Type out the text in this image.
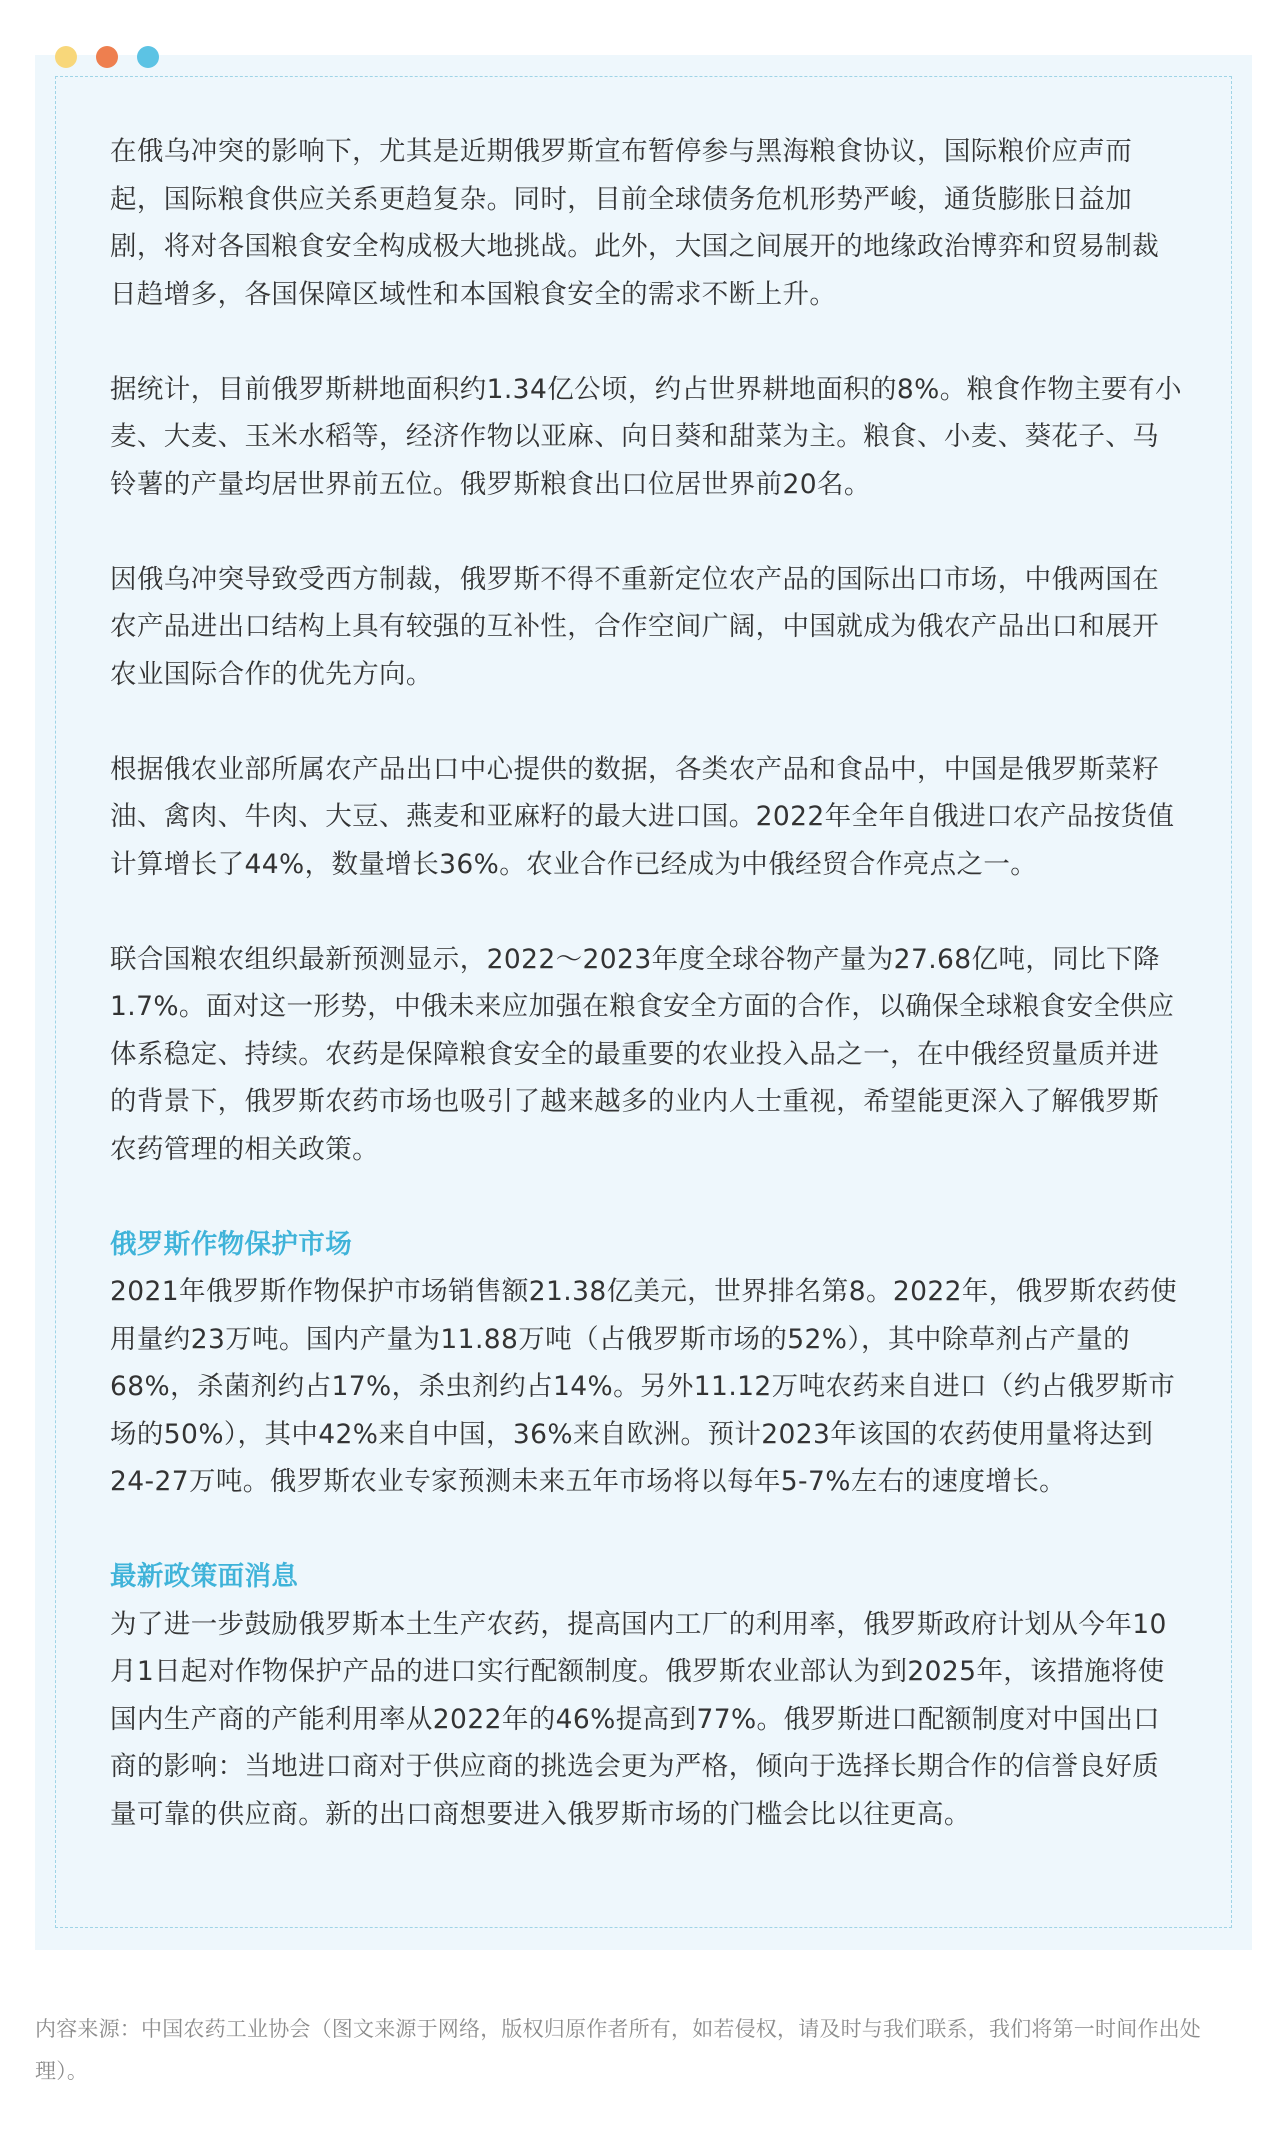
在俄乌冲突的影响下，尤其是近期俄罗斯宣布暂停参与黑海粮食协议，国际粮价应声而起，国际粮食供应关系更趋复杂。同时，目前全球债务危机形势严峻，通货膨胀日益加剧，将对各国粮食安全构成极大地挑战。此外，大国之间展开的地缘政治博弈和贸易制裁日趋增多，各国保障区域性和本国粮食安全的需求不断上升。

据统计，目前俄罗斯耕地面积约1.34亿公顷，约占世界耕地面积的8%。粮食作物主要有小麦、大麦、玉米水稻等，经济作物以亚麻、向日葵和甜菜为主。粮食、小麦、葵花子、马铃薯的产量均居世界前五位。俄罗斯粮食出口位居世界前20名。

因俄乌冲突导致受西方制裁，俄罗斯不得不重新定位农产品的国际出口市场，中俄两国在农产品进出口结构上具有较强的互补性，合作空间广阔，中国就成为俄农产品出口和展开农业国际合作的优先方向。

根据俄农业部所属农产品出口中心提供的数据，各类农产品和食品中，中国是俄罗斯菜籽油、禽肉、牛肉、大豆、燕麦和亚麻籽的最大进口国。2022年全年自俄进口农产品按货值计算增长了44%，数量增长36%。农业合作已经成为中俄经贸合作亮点之一。

联合国粮农组织最新预测显示，2022～2023年度全球谷物产量为27.68亿吨，同比下降1.7%。面对这一形势，中俄未来应加强在粮食安全方面的合作，以确保全球粮食安全供应体系稳定、持续。农药是保障粮食安全的最重要的农业投入品之一，在中俄经贸量质并进的背景下，俄罗斯农药市场也吸引了越来越多的业内人士重视，希望能更深入了解俄罗斯农药管理的相关政策。

俄罗斯作物保护市场

2021年俄罗斯作物保护市场销售额21.38亿美元，世界排名第8。2022年，俄罗斯农药使用量约23万吨。国内产量为11.88万吨（占俄罗斯市场的52%），其中除草剂占产量的68%，杀菌剂约占17%，杀虫剂约占14%。另外11.12万吨农药来自进口（约占俄罗斯市场的50%），其中42%来自中国，36%来自欧洲。预计2023年该国的农药使用量将达到24-27万吨。俄罗斯农业专家预测未来五年市场将以每年5-7%左右的速度增长。

最新政策面消息

为了进一步鼓励俄罗斯本土生产农药，提高国内工厂的利用率，俄罗斯政府计划从今年10月1日起对作物保护产品的进口实行配额制度。俄罗斯农业部认为到2025年，该措施将使国内生产商的产能利用率从2022年的46%提高到77%。俄罗斯进口配额制度对中国出口商的影响：当地进口商对于供应商的挑选会更为严格，倾向于选择长期合作的信誉良好质量可靠的供应商。新的出口商想要进入俄罗斯市场的门槛会比以往更高。

内容来源：中国农药工业协会（图文来源于网络，版权归原作者所有，如若侵权，请及时与我们联系，我们将第一时间作出处理）。
